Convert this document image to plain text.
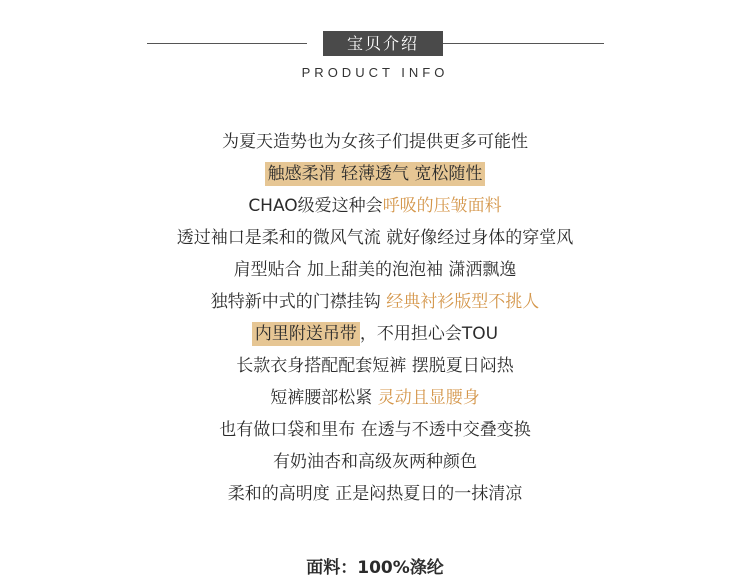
宝贝介绍
PRODUCT INFO
为夏天造势也为女孩子们提供更多可能性
触感柔滑 轻薄透气 宽松随性
CHAO级爱这种会呼吸的压皱面料
透过袖口是柔和的微风气流 就好像经过身体的穿堂风
肩型贴合 加上甜美的泡泡袖 潇洒飘逸
独特新中式的门襟挂钩 经典衬衫版型不挑人
内里附送吊带 ，不用担心会TOU
长款衣身搭配配套短裤 摆脱夏日闷热
短裤腰部松紧 灵动且显腰身
也有做口袋和里布 在透与不透中交叠变换
有奶油杏和高级灰两种颜色
柔和的高明度 正是闷热夏日的一抹清凉
面料：100%涤纶
